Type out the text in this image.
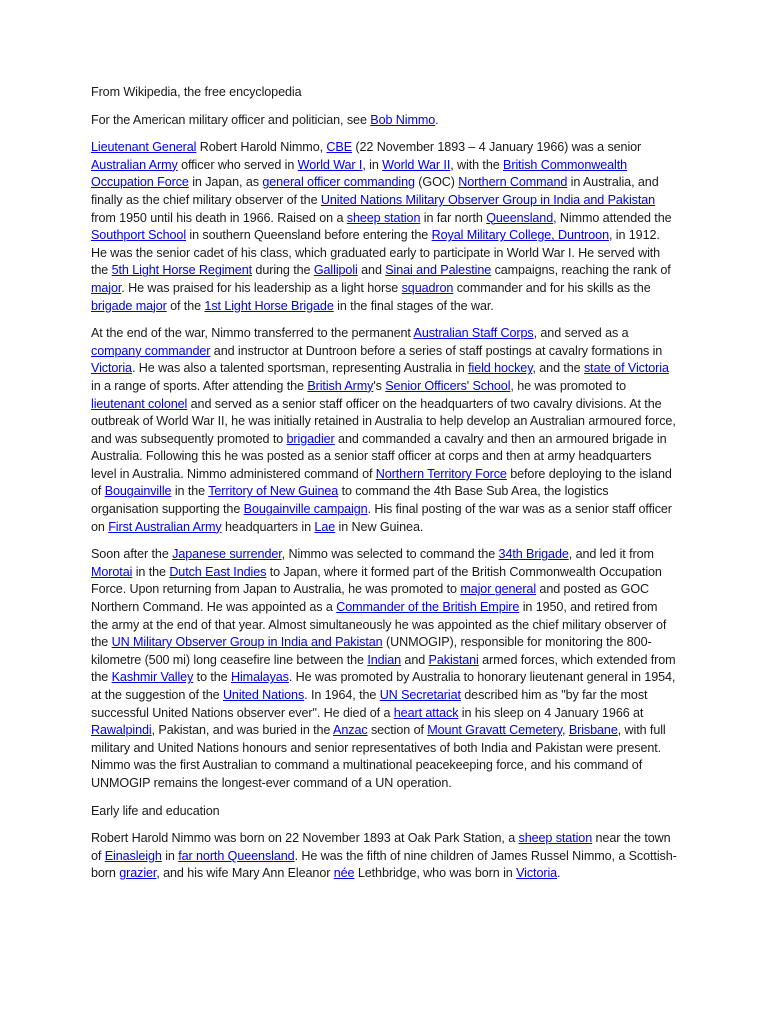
From Wikipedia, the free encyclopedia

For the American military officer and politician, see Bob Nimmo.

Lieutenant General Robert Harold Nimmo, CBE (22 November 1893 – 4 January 1966) was a senior Australian Army officer who served in World War I, in World War II, with the British Commonwealth Occupation Force in Japan, as general officer commanding (GOC) Northern Command in Australia, and finally as the chief military observer of the United Nations Military Observer Group in India and Pakistan from 1950 until his death in 1966. Raised on a sheep station in far north Queensland, Nimmo attended the Southport School in southern Queensland before entering the Royal Military College, Duntroon, in 1912. He was the senior cadet of his class, which graduated early to participate in World War I. He served with the 5th Light Horse Regiment during the Gallipoli and Sinai and Palestine campaigns, reaching the rank of major. He was praised for his leadership as a light horse squadron commander and for his skills as the brigade major of the 1st Light Horse Brigade in the final stages of the war.

At the end of the war, Nimmo transferred to the permanent Australian Staff Corps, and served as a company commander and instructor at Duntroon before a series of staff postings at cavalry formations in Victoria. He was also a talented sportsman, representing Australia in field hockey, and the state of Victoria in a range of sports. After attending the British Army's Senior Officers' School, he was promoted to lieutenant colonel and served as a senior staff officer on the headquarters of two cavalry divisions. At the outbreak of World War II, he was initially retained in Australia to help develop an Australian armoured force, and was subsequently promoted to brigadier and commanded a cavalry and then an armoured brigade in Australia. Following this he was posted as a senior staff officer at corps and then at army headquarters level in Australia. Nimmo administered command of Northern Territory Force before deploying to the island of Bougainville in the Territory of New Guinea to command the 4th Base Sub Area, the logistics organisation supporting the Bougainville campaign. His final posting of the war was as a senior staff officer on First Australian Army headquarters in Lae in New Guinea.

Soon after the Japanese surrender, Nimmo was selected to command the 34th Brigade, and led it from Morotai in the Dutch East Indies to Japan, where it formed part of the British Commonwealth Occupation Force. Upon returning from Japan to Australia, he was promoted to major general and posted as GOC Northern Command. He was appointed as a Commander of the British Empire in 1950, and retired from the army at the end of that year. Almost simultaneously he was appointed as the chief military observer of the UN Military Observer Group in India and Pakistan (UNMOGIP), responsible for monitoring the 800-kilometre (500 mi) long ceasefire line between the Indian and Pakistani armed forces, which extended from the Kashmir Valley to the Himalayas. He was promoted by Australia to honorary lieutenant general in 1954, at the suggestion of the United Nations. In 1964, the UN Secretariat described him as "by far the most successful United Nations observer ever". He died of a heart attack in his sleep on 4 January 1966 at Rawalpindi, Pakistan, and was buried in the Anzac section of Mount Gravatt Cemetery, Brisbane, with full military and United Nations honours and senior representatives of both India and Pakistan were present. Nimmo was the first Australian to command a multinational peacekeeping force, and his command of UNMOGIP remains the longest-ever command of a UN operation.

Early life and education

Robert Harold Nimmo was born on 22 November 1893 at Oak Park Station, a sheep station near the town of Einasleigh in far north Queensland. He was the fifth of nine children of James Russel Nimmo, a Scottish-born grazier, and his wife Mary Ann Eleanor née Lethbridge, who was born in Victoria.
